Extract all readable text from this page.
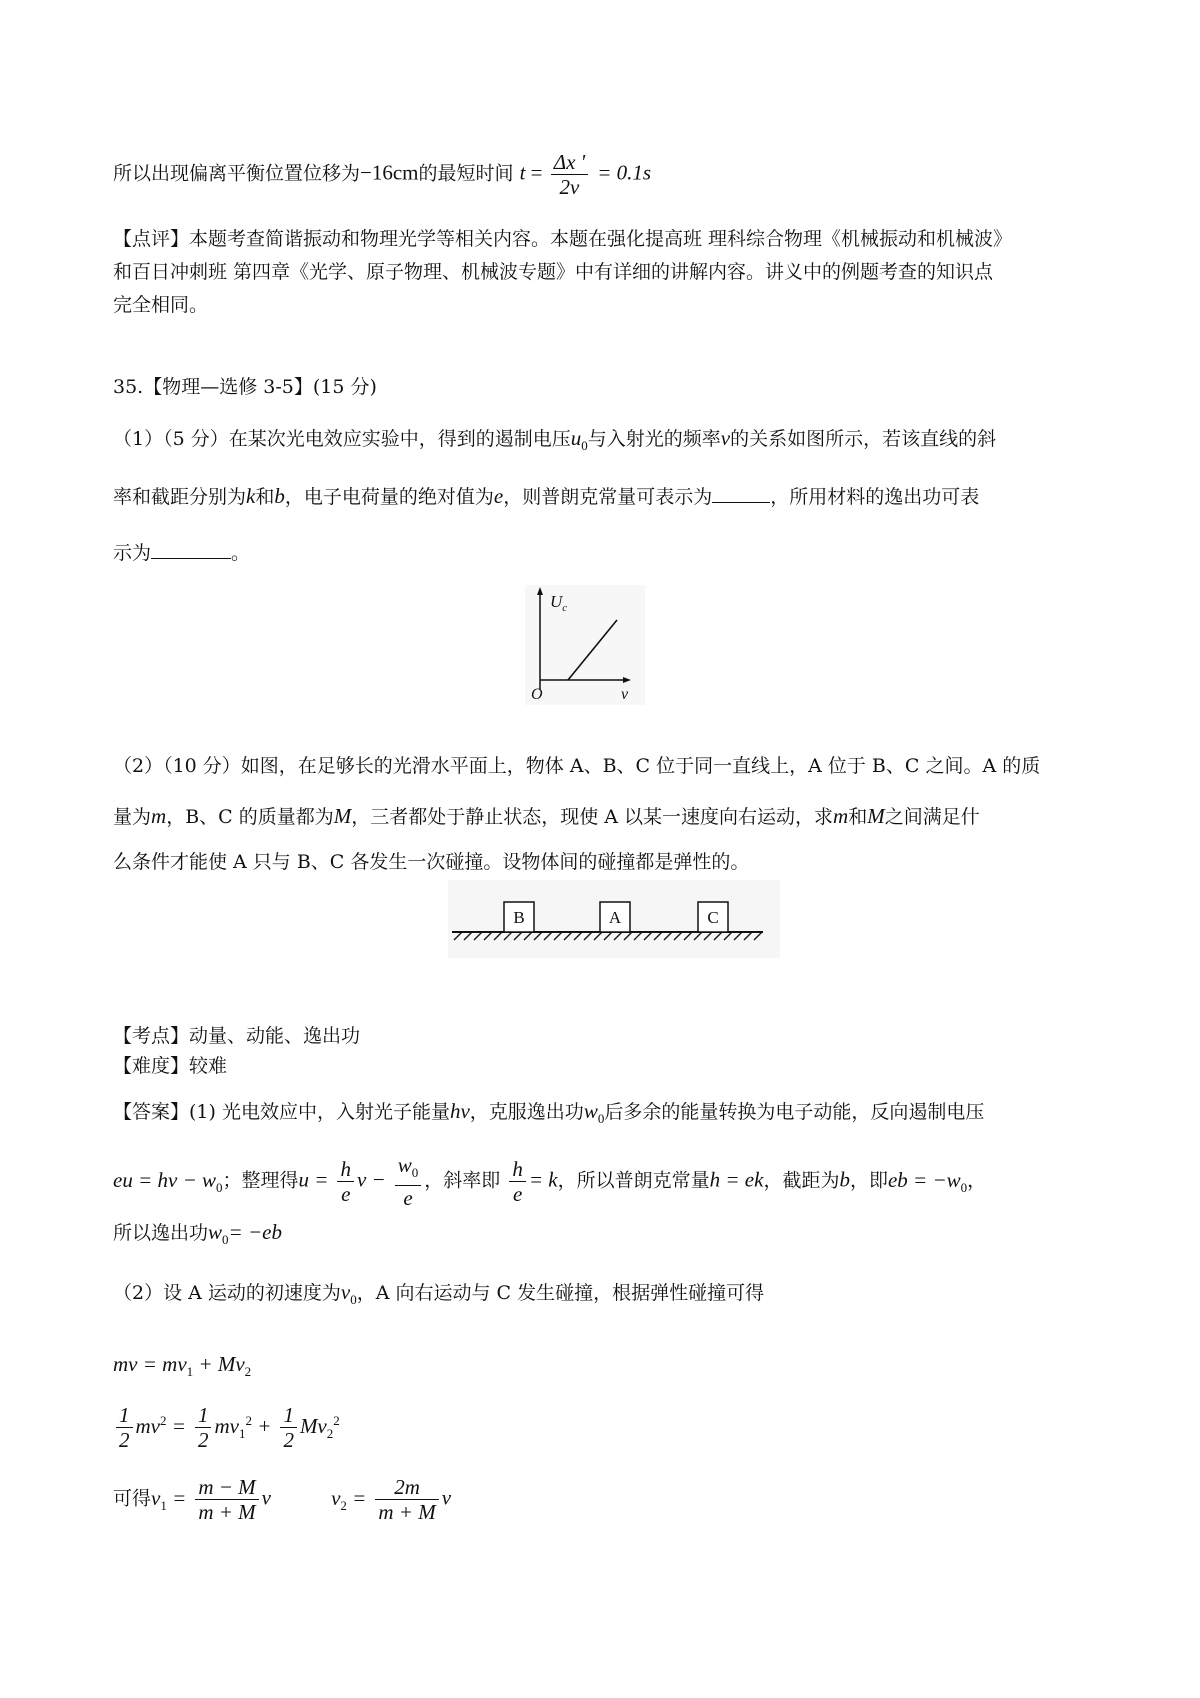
所以出现偏离平衡位置位移为−16cm的最短时间 $t = \frac{\Delta x '}{2v} = 0.1s$
【点评】本题考查简谐振动和物理光学等相关内容。本题在强化提高班 理科综合物理《机械振动和机械波》
和百日冲刺班 第四章《光学、原子物理、机械波专题》中有详细的讲解内容。讲义中的例题考查的知识点
完全相同。
35.【物理—选修 3-5】(15 分)
（1）（5 分）在某次光电效应实验中，得到的遏制电压$u_0$与入射光的频率ν的关系如图所示，若该直线的斜
率和截距分别为k和b，电子电荷量的绝对值为e，则普朗克常量可表示为	，所用材料的逸出功可表
示为	。
$U_c$
O	v
（2）（10 分）如图，在足够长的光滑水平面上，物体 A、B、C 位于同一直线上，A 位于 B、C 之间。A 的质
量为m，B、C 的质量都为M，三者都处于静止状态，现使 A 以某一速度向右运动，求m和M之间满足什
么条件才能使 A 只与 B、C 各发生一次碰撞。设物体间的碰撞都是弹性的。
B	A	C
【考点】动量、动能、逸出功
【难度】较难
【答案】(1) 光电效应中，入射光子能量hν，克服逸出功$w_0$后多余的能量转换为电子动能，反向遏制电压
eu = $h\nu - w_0$；整理得$u = \frac{h}{e}$ $\nu - \frac{w_0}{e}$ ，斜率即 $\frac{h}{e} = k$，所以普朗克常量h = ek，截距为b，即eb = $-w_0$，
所以逸出功$w_0= -eb$
（2）设 A 运动的初速度为$v_0$，A 向右运动与 C 发生碰撞，根据弹性碰撞可得
mv = $mv_1 + Mv_2$
$\frac{1}{2} mv^2 = \frac{1}{2} mv_1^2 + \frac{1}{2} Mv_2^2$
可得$v_1 = \frac{m - M}{m + M}$ v	$v_2 = \frac{2m}{m + M}$ v
